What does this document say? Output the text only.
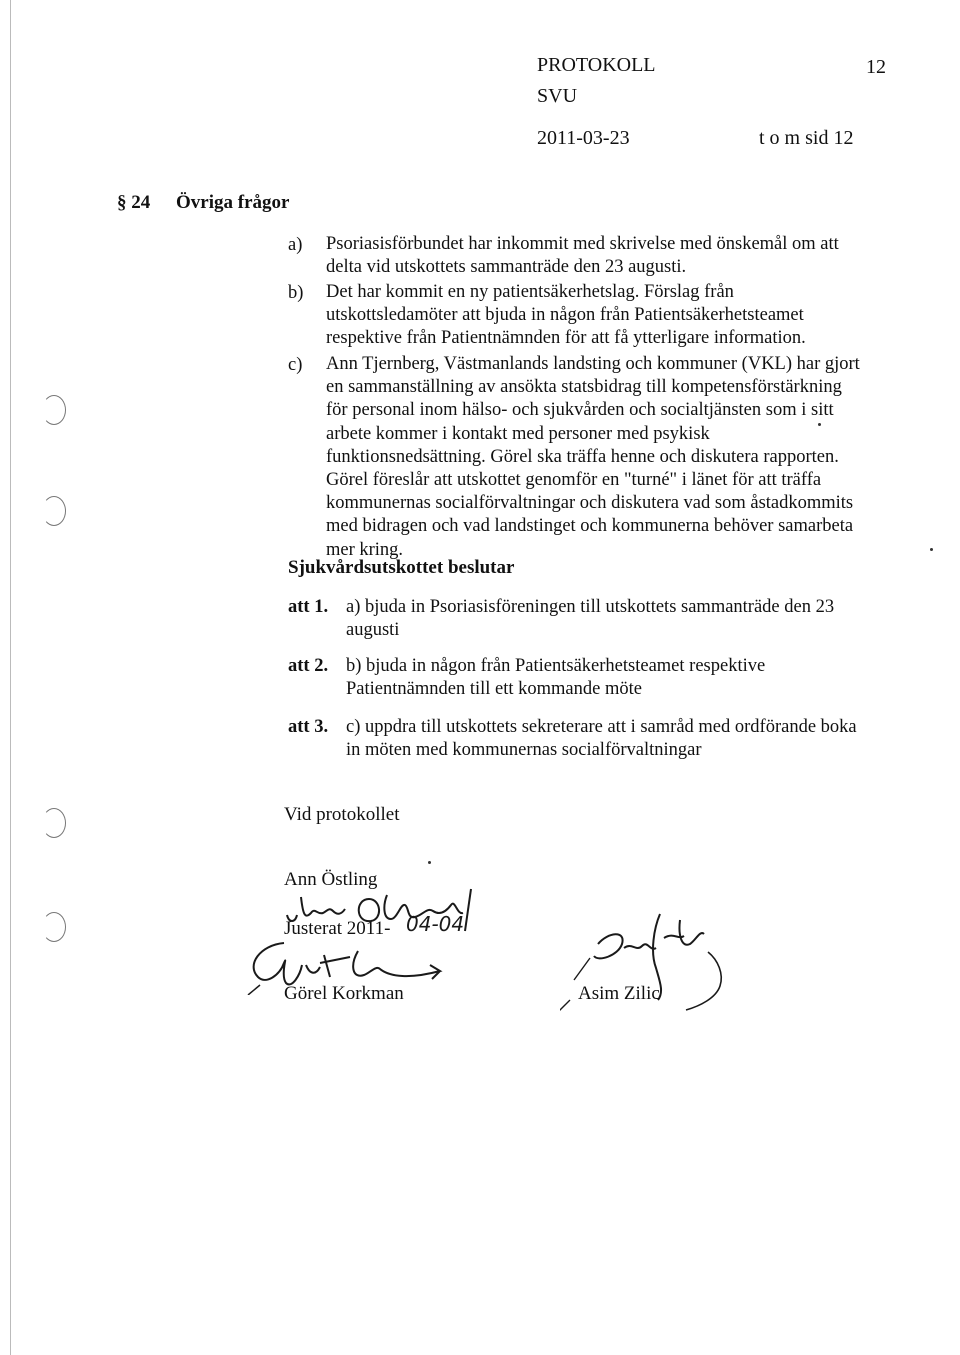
PROTOKOLL	12
SVU
2011-03-23	t o m sid 12
§ 24 Övriga frågor
a) Psoriasisförbundet har inkommit med skrivelse med önskemål om att
delta vid utskottets sammanträde den 23 augusti.
b) Det har kommit en ny patientsäkerhetslag. Förslag från
utskottsledamöter att bjuda in någon från Patientsäkerhetsteamet
respektive från Patientnämnden för att få ytterligare information.
c) Ann Tjernberg, Västmanlands landsting och kommuner (VKL) har gjort
en sammanställning av ansökta statsbidrag till kompetensförstärkning
för personal inom hälso- och sjukvården och socialtjänsten som i sitt
arbete kommer i kontakt med personer med psykisk
funktionsnedsättning. Görel ska träffa henne och diskutera rapporten.
Görel föreslår att utskottet genomför en "turné" i länet för att träffa
kommunernas socialförvaltningar och diskutera vad som åstadkommits
med bidragen och vad landstinget och kommunerna behöver samarbeta
mer kring.
Sjukvårdsutskottet beslutar
att 1. a) bjuda in Psoriasisföreningen till utskottets sammanträde den 23
augusti
att 2. b) bjuda in någon från Patientsäkerhetsteamet respektive
Patientnämnden till ett kommande möte
att 3. c) uppdra till utskottets sekreterare att i samråd med ordförande boka
in möten med kommunernas socialförvaltningar
Vid protokollet
Ann Östling
Justerat 2011- 04-04
Görel Korkman	Asim Zilic
